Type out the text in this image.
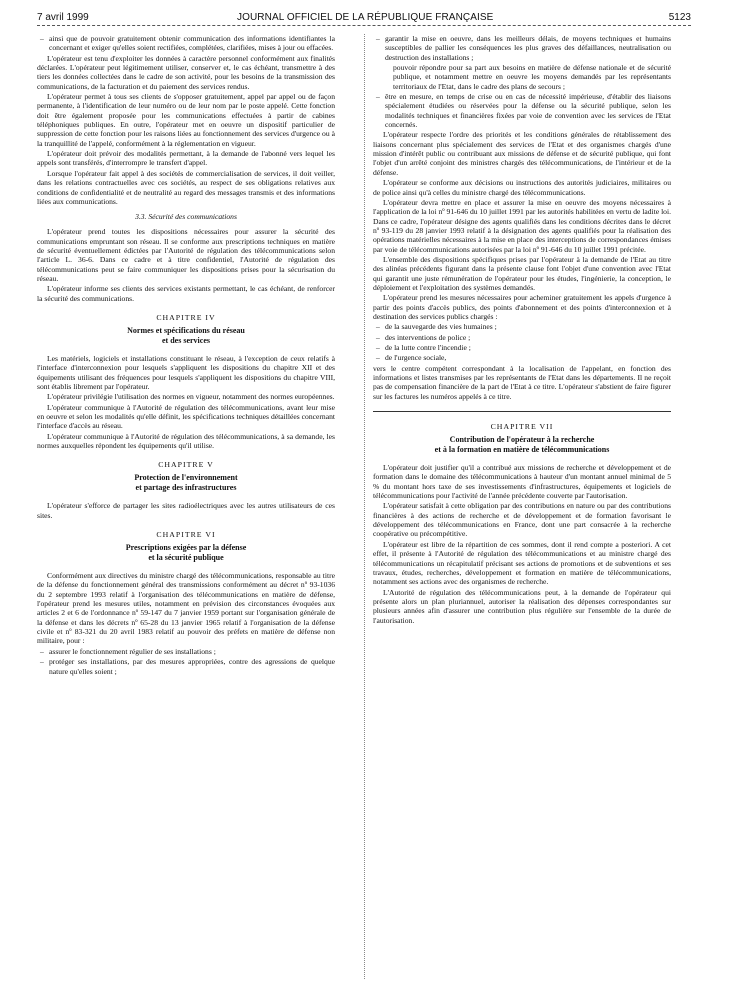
7 avril 1999	JOURNAL OFFICIEL DE LA RÉPUBLIQUE FRANÇAISE	5123
– ainsi que de pouvoir gratuitement obtenir communication des informations identifiantes la concernant et exiger qu'elles soient rectifiées, complétées, clarifiées, mises à jour ou effacées.

L'opérateur est tenu d'exploiter les données à caractère personnel conformément aux finalités déclarées. L'opérateur peut légitimement utiliser, conserver et, le cas échéant, transmettre à des tiers les données collectées dans le cadre de son activité, pour les besoins de la transmission des communications, de la facturation et du paiement des services rendus.

L'opérateur permet à tous ses clients de s'opposer gratuitement, appel par appel ou de façon permanente, à l'identification de leur numéro ou de leur nom par le poste appelé. Cette fonction doit être également proposée pour les communications effectuées à partir de cabines téléphoniques publiques. En outre, l'opérateur met en oeuvre un dispositif particulier de suppression de cette fonction pour les raisons liées au fonctionnement des services d'urgence ou à la tranquillité de l'appelé, conformément à la réglementation en vigueur.

L'opérateur doit prévoir des modalités permettant, à la demande de l'abonné vers lequel les appels sont transférés, d'interrompre le transfert d'appel.

Lorsque l'opérateur fait appel à des sociétés de commercialisation de services, il doit veiller, dans les relations contractuelles avec ces sociétés, au respect de ses obligations relatives aux conditions de confidentialité et de neutralité au regard des messages transmis et des informations liées aux communications.

3.3. Sécurité des communications

L'opérateur prend toutes les dispositions nécessaires pour assurer la sécurité des communications empruntant son réseau. Il se conforme aux prescriptions techniques en matière de sécurité éventuellement édictées par l'Autorité de régulation des télécommunications selon l'article L. 36-6. Dans ce cadre et à titre confidentiel, l'Autorité de régulation des télécommunications peut se faire communiquer les dispositions prises pour la sécurisation du réseau.

L'opérateur informe ses clients des services existants permettant, le cas échéant, de renforcer la sécurité des communications.

CHAPITRE IV
Normes et spécifications du réseau
et des services

Les matériels, logiciels et installations constituant le réseau, à l'exception de ceux relatifs à l'interface d'interconnexion pour lesquels s'appliquent les dispositions du chapitre XII et des équipements utilisant des fréquences pour lesquels s'appliquent les dispositions du chapitre VIII, sont établis librement par l'opérateur.

L'opérateur privilégie l'utilisation des normes en vigueur, notamment des normes européennes.

L'opérateur communique à l'Autorité de régulation des télécommunications, avant leur mise en oeuvre et selon les modalités qu'elle définit, les spécifications techniques détaillées concernant l'interface d'accès au réseau.

L'opérateur communique à l'Autorité de régulation des télécommunications, à sa demande, les normes auxquelles répondent les équipements qu'il utilise.

CHAPITRE V
Protection de l'environnement
et partage des infrastructures

L'opérateur s'efforce de partager les sites radioélectriques avec les autres utilisateurs de ces sites.

CHAPITRE VI
Prescriptions exigées par la défense
et la sécurité publique

Conformément aux directives du ministre chargé des télécommunications, responsable au titre de la défense du fonctionnement général des transmissions conformément au décret nº 93-1036 du 2 septembre 1993 relatif à l'organisation des télécommunications en matière de défense, l'opérateur prend les mesures utiles, notamment en prévision des circonstances évoquées aux articles 2 et 6 de l'ordonnance nº 59-147 du 7 janvier 1959 portant sur l'organisation générale de la défense et dans les décrets nº 65-28 du 13 janvier 1965 relatif à l'organisation de la défense civile et nº 83-321 du 20 avril 1983 relatif au pouvoir des préfets en matière de défense non militaire, pour :

– assurer le fonctionnement régulier de ses installations ;
– protéger ses installations, par des mesures appropriées, contre des agressions de quelque nature qu'elles soient ;
– garantir la mise en oeuvre, dans les meilleurs délais, de moyens techniques et humains susceptibles de pallier les conséquences les plus graves des défaillances, neutralisation ou destruction des installations ;

pouvoir répondre pour sa part aux besoins en matière de défense nationale et de sécurité publique, et notamment mettre en oeuvre les moyens demandés par les représentants territoriaux de l'Etat, dans le cadre des plans de secours ;

– être en mesure, en temps de crise ou en cas de nécessité impérieuse, d'établir des liaisons spécialement étudiées ou réservées pour la défense ou la sécurité publique, selon les modalités techniques et financières fixées par voie de convention avec les services de l'Etat concernés.

L'opérateur respecte l'ordre des priorités et les conditions générales de rétablissement des liaisons concernant plus spécialement des services de l'Etat et des organismes chargés d'une mission d'intérêt public ou contribuant aux missions de défense et de sécurité publique, qui font l'objet d'un arrêté conjoint des ministres chargés des télécommunications, de l'intérieur et de la défense.

L'opérateur se conforme aux décisions ou instructions des autorités judiciaires, militaires ou de police ainsi qu'à celles du ministre chargé des télécommunications.

L'opérateur devra mettre en place et assurer la mise en oeuvre des moyens nécessaires à l'application de la loi nº 91-646 du 10 juillet 1991 par les autorités habilitées en vertu de ladite loi. Dans ce cadre, l'opérateur désigne des agents qualifiés dans les conditions décrites dans le décret nº 93-119 du 28 janvier 1993 relatif à la désignation des agents qualifiés pour la réalisation des opérations matérielles nécessaires à la mise en place des interceptions de correspondances émises par voie de télécommunications autorisées par la loi nº 91-646 du 10 juillet 1991 précitée.

L'ensemble des dispositions spécifiques prises par l'opérateur à la demande de l'Etat au titre des alinéas précédents figurant dans la présente clause font l'objet d'une convention avec l'Etat qui garantit une juste rémunération de l'opérateur pour les études, l'ingénierie, la conception, le déploiement et l'exploitation des systèmes demandés.

L'opérateur prend les mesures nécessaires pour acheminer gratuitement les appels d'urgence à partir des points d'accès publics, des points d'abonnement et des points d'interconnexion et à destination des services publics chargés :

– de la sauvegarde des vies humaines ;
– des interventions de police ;
– de la lutte contre l'incendie ;
– de l'urgence sociale,

vers le centre compétent correspondant à la localisation de l'appelant, en fonction des informations et listes transmises par les représentants de l'Etat dans les départements. Il ne reçoit pas de compensation financière de la part de l'Etat à ce titre. L'opérateur s'abstient de faire figurer sur les factures les numéros appelés à ce titre.

CHAPITRE VII
Contribution de l'opérateur à la recherche
et à la formation en matière de télécommunications

L'opérateur doit justifier qu'il a contribué aux missions de recherche et développement et de formation dans le domaine des télécommunications à hauteur d'un montant annuel minimal de 5 % du montant hors taxe de ses investissements d'infrastructures, équipements et logiciels de télécommunications pour l'activité de l'année précédente couverte par l'autorisation.

L'opérateur satisfait à cette obligation par des contributions en nature ou par des contributions financières à des actions de recherche et de développement et de formation favorisant le développement des télécommunications en France, dont une part consacrée à la recherche coopérative ou précompétitive.

L'opérateur est libre de la répartition de ces sommes, dont il rend compte a posteriori. A cet effet, il présente à l'Autorité de régulation des télécommunications et au ministre chargé des télécommunications un récapitulatif précisant ses actions de promotions et de subventions et ses travaux, études, recherches, développement et formation en matière de télécommunications, notamment ses actions avec des organismes de recherche.

L'Autorité de régulation des télécommunications peut, à la demande de l'opérateur qui présente alors un plan pluriannuel, autoriser la réalisation des dépenses correspondantes sur plusieurs années afin d'assurer une contribution plus régulière sur l'ensemble de la durée de l'autorisation.
